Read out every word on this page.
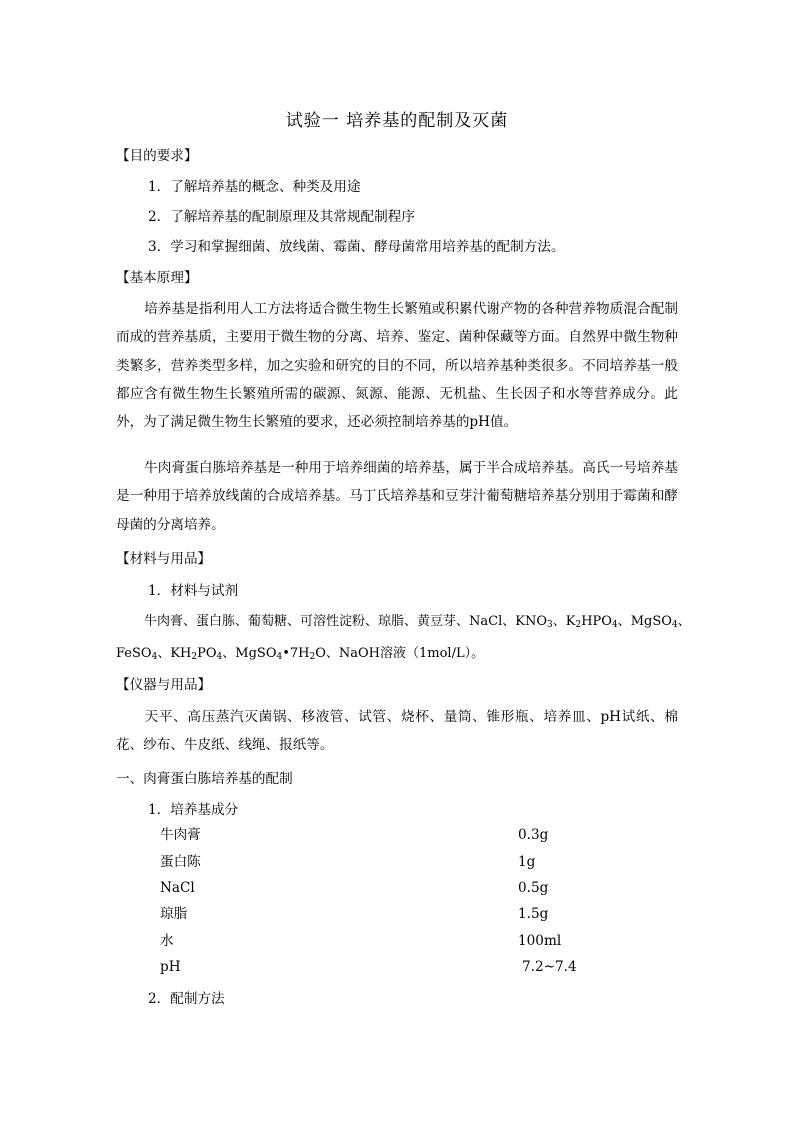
试验一 培养基的配制及灭菌
【目的要求】
1．了解培养基的概念、种类及用途
2．了解培养基的配制原理及其常规配制程序
3．学习和掌握细菌、放线菌、霉菌、酵母菌常用培养基的配制方法。
【基本原理】
培养基是指利用人工方法将适合微生物生长繁殖或积累代谢产物的各种营养物质混合配制而成的营养基质，主要用于微生物的分离、培养、鉴定、菌种保藏等方面。自然界中微生物种类繁多，营养类型多样，加之实验和研究的目的不同，所以培养基种类很多。不同培养基一般都应含有微生物生长繁殖所需的碳源、氮源、能源、无机盐、生长因子和水等营养成分。此外，为了满足微生物生长繁殖的要求，还必须控制培养基的pH值。
牛肉膏蛋白胨培养基是一种用于培养细菌的培养基，属于半合成培养基。高氏一号培养基是一种用于培养放线菌的合成培养基。马丁氏培养基和豆芽汁葡萄糖培养基分别用于霉菌和酵母菌的分离培养。
【材料与用品】
1．材料与试剂
牛肉膏、蛋白胨、葡萄糖、可溶性淀粉、琼脂、黄豆芽、NaCl、$KNO_3$、$K_2HPO_4$、MgSO$_4$、
FeSO$_4$、$KH_2PO_4$、$MgSO_4•7H_2O$、NaOH溶液（1mol/L）。
【仪器与用品】
天平、高压蒸汽灭菌锅、移液管、试管、烧杯、量筒、锥形瓶、培养皿、pH试纸、棉花、纱布、牛皮纸、线绳、报纸等。
一、肉膏蛋白胨培养基的配制
1．培养基成分
牛肉膏	0.3g
蛋白陈	1g
NaCl	0.5g
琼脂	1.5g
水	100ml
pH	7.2~7.4
2．配制方法
